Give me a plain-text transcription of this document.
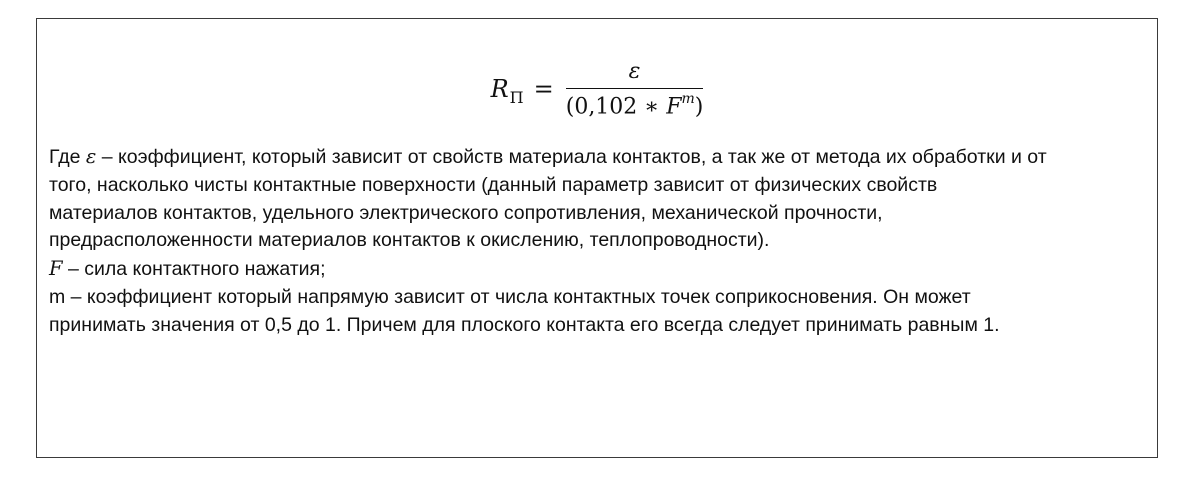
R $П = \frac{\varepsilon}{(0,102 ∗ F^m)}$

Где ε – коэффициент, который зависит от свойств материала контактов, а так же от метода их обработки и от того, насколько чисты контактные поверхности (данный параметр зависит от физических свойств материалов контактов, удельного электрического сопротивления, механической прочности, предрасположенности материалов контактов к окислению, теплопроводности).

F – сила контактного нажатия;

m – коэффициент который напрямую зависит от числа контактных точек соприкосновения. Он может принимать значения от 0,5 до 1. Причем для плоского контакта его всегда следует принимать равным 1.
